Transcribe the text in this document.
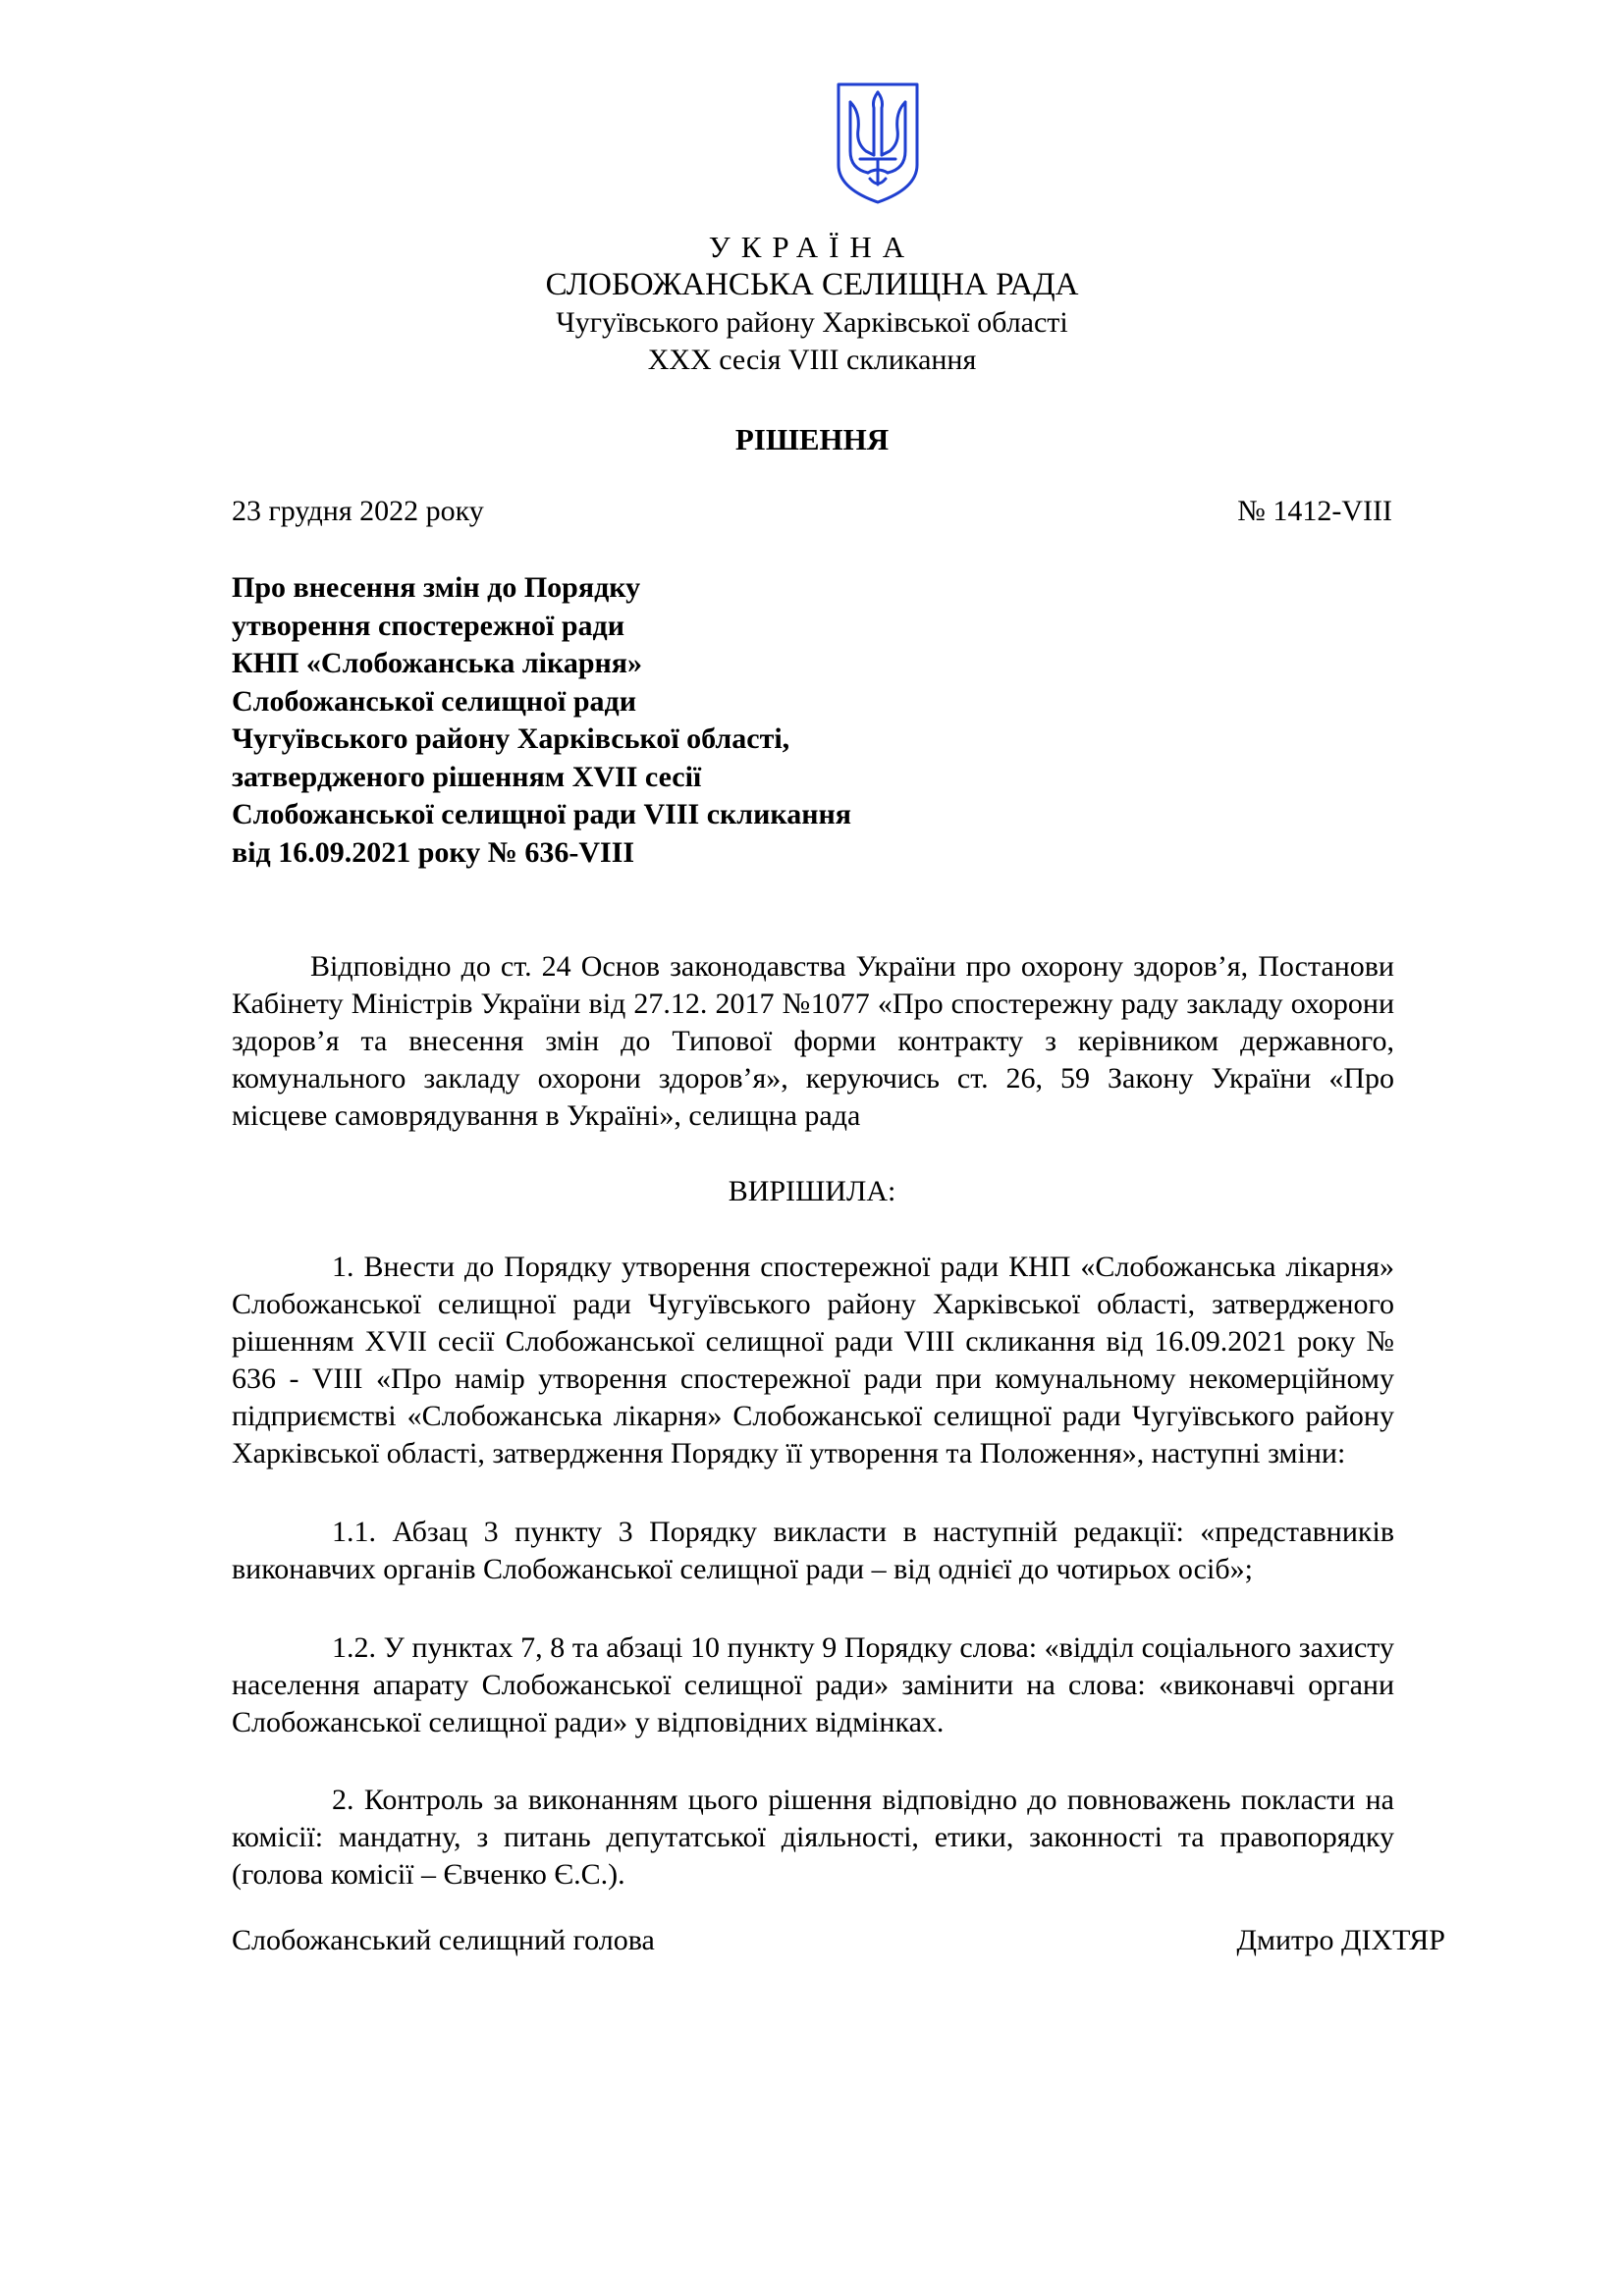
УКРАЇНА
СЛОБОЖАНСЬКА СЕЛИЩНА РАДА
Чугуївського району Харківської області
XXX сесія VIII скликання
РІШЕННЯ
23 грудня 2022 року	№ 1412-VIII
Про внесення змін до Порядку
утворення спостережної ради
КНП «Слобожанська лікарня»
Слобожанської селищної ради
Чугуївського району Харківської області,
затвердженого рішенням XVII сесії
Слобожанської селищної ради VIII скликання
від 16.09.2021 року № 636-VIII
Відповідно до ст. 24 Основ законодавства України про охорону здоров’я, Постанови Кабінету Міністрів України від 27.12. 2017 №1077 «Про спостережну раду закладу охорони здоров’я та внесення змін до Типової форми контракту з керівником державного, комунального закладу охорони здоров’я», керуючись ст. 26, 59 Закону України «Про місцеве самоврядування в Україні», селищна рада
ВИРІШИЛА:
1. Внести до Порядку утворення спостережної ради КНП «Слобожанська лікарня» Слобожанської селищної ради Чугуївського району Харківської області, затвердженого рішенням XVII сесії Слобожанської селищної ради VIII скликання від 16.09.2021 року № 636 - VIII «Про намір утворення спостережної ради при комунальному некомерційному підприємстві «Слобожанська лікарня» Слобожанської селищної ради Чугуївського району Харківської області, затвердження Порядку її утворення та Положення», наступні зміни:
1.1. Абзац 3 пункту 3 Порядку викласти в наступній редакції: «представників виконавчих органів Слобожанської селищної ради – від однієї до чотирьох осіб»;
1.2. У пунктах 7, 8 та абзаці 10 пункту 9 Порядку слова: «відділ соціального захисту населення апарату Слобожанської селищної ради» замінити на слова: «виконавчі органи Слобожанської селищної ради» у відповідних відмінках.
2. Контроль за виконанням цього рішення відповідно до повноважень покласти на комісії: мандатну, з питань депутатської діяльності, етики, законності та правопорядку (голова комісії – Євченко Є.С.).
Слобожанський селищний голова	Дмитро ДІХТЯР
